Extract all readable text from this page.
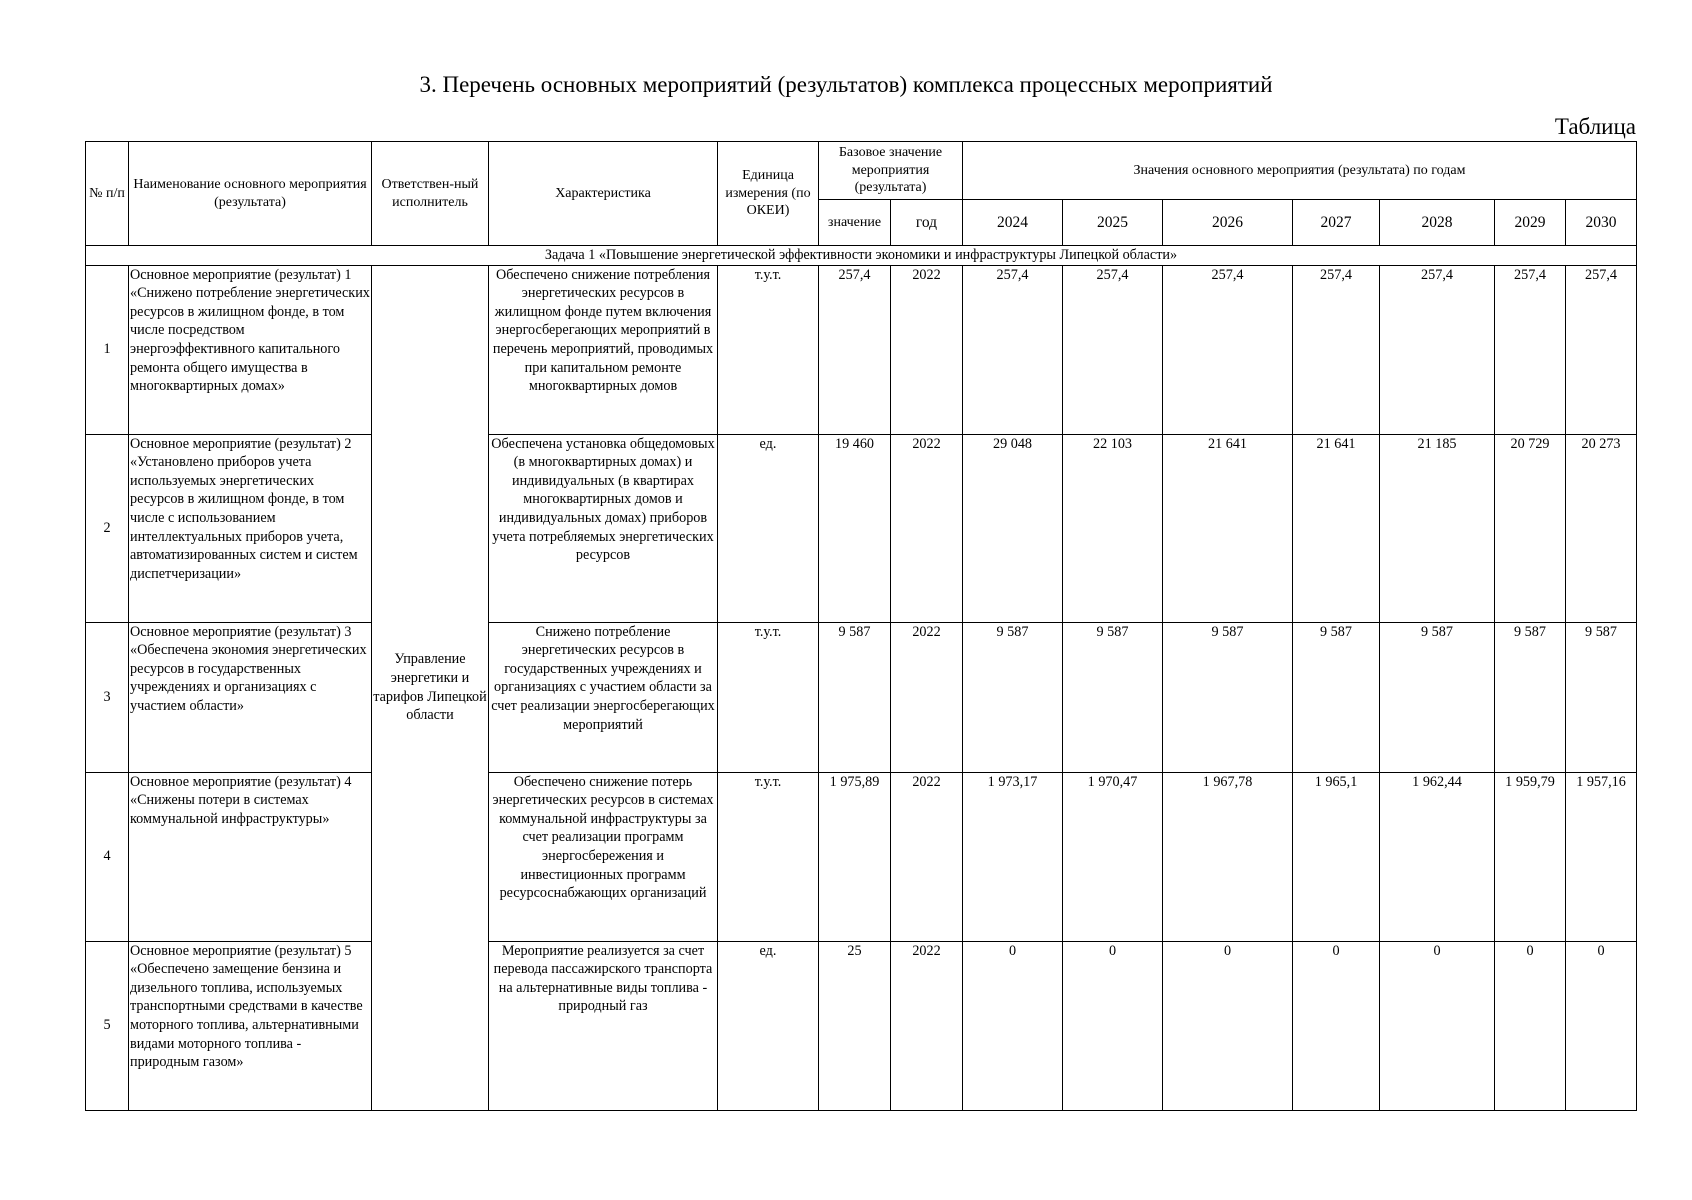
3. Перечень основных мероприятий (результатов) комплекса процессных мероприятий
Таблица
№ п/п	Наименование основного мероприятия (результата)	Ответствен-ный исполнитель	Характеристика	Единица измерения (по ОКЕИ)	Базовое значение мероприятия (результата)		Значения основного мероприятия (результата) по годам						
					значение	год	2024	2025	2026	2027	2028	2029	2030
Задача 1 «Повышение энергетической эффективности экономики и инфраструктуры Липецкой области»													
1	Основное мероприятие (результат) 1 «Снижено потребление энергетических ресурсов в жилищном фонде, в том числе посредством энергоэффективного капитального ремонта общего имущества в многоквартирных домах»	Управление энергетики и тарифов Липецкой области	Обеспечено снижение потребления энергетических ресурсов в жилищном фонде путем включения энергосберегающих мероприятий в перечень мероприятий, проводимых при капитальном ремонте многоквартирных домов	т.у.т.	257,4	2022	257,4	257,4	257,4	257,4	257,4	257,4	257,4
2	Основное мероприятие (результат) 2 «Установлено приборов учета используемых энергетических ресурсов в жилищном фонде, в том числе с использованием интеллектуальных приборов учета, автоматизированных систем и систем диспетчеризации»		Обеспечена установка общедомовых (в многоквартирных домах) и индивидуальных (в квартирах многоквартирных домов и индивидуальных домах) приборов учета потребляемых энергетических ресурсов	ед.	19 460	2022	29 048	22 103	21 641	21 641	21 185	20 729	20 273
3	Основное мероприятие (результат) 3 «Обеспечена экономия энергетических ресурсов в государственных учреждениях и организациях с участием области»		Снижено потребление энергетических ресурсов в государственных учреждениях и организациях с участием области за счет реализации энергосберегающих мероприятий	т.у.т.	9 587	2022	9 587	9 587	9 587	9 587	9 587	9 587	9 587
4	Основное мероприятие (результат) 4 «Снижены потери в системах коммунальной инфраструктуры»		Обеспечено снижение потерь энергетических ресурсов в системах коммунальной инфраструктуры за счет реализации программ энергосбережения и инвестиционных программ ресурсоснабжающих организаций	т.у.т.	1 975,89	2022	1 973,17	1 970,47	1 967,78	1 965,1	1 962,44	1 959,79	1 957,16
5	Основное мероприятие (результат) 5 «Обеспечено замещение бензина и дизельного топлива, используемых транспортными средствами в качестве моторного топлива, альтернативными видами моторного топлива - природным газом»		Мероприятие реализуется за счет перевода пассажирского транспорта на альтернативные виды топлива - природный газ	ед.	25	2022	0	0	0	0	0	0	0
